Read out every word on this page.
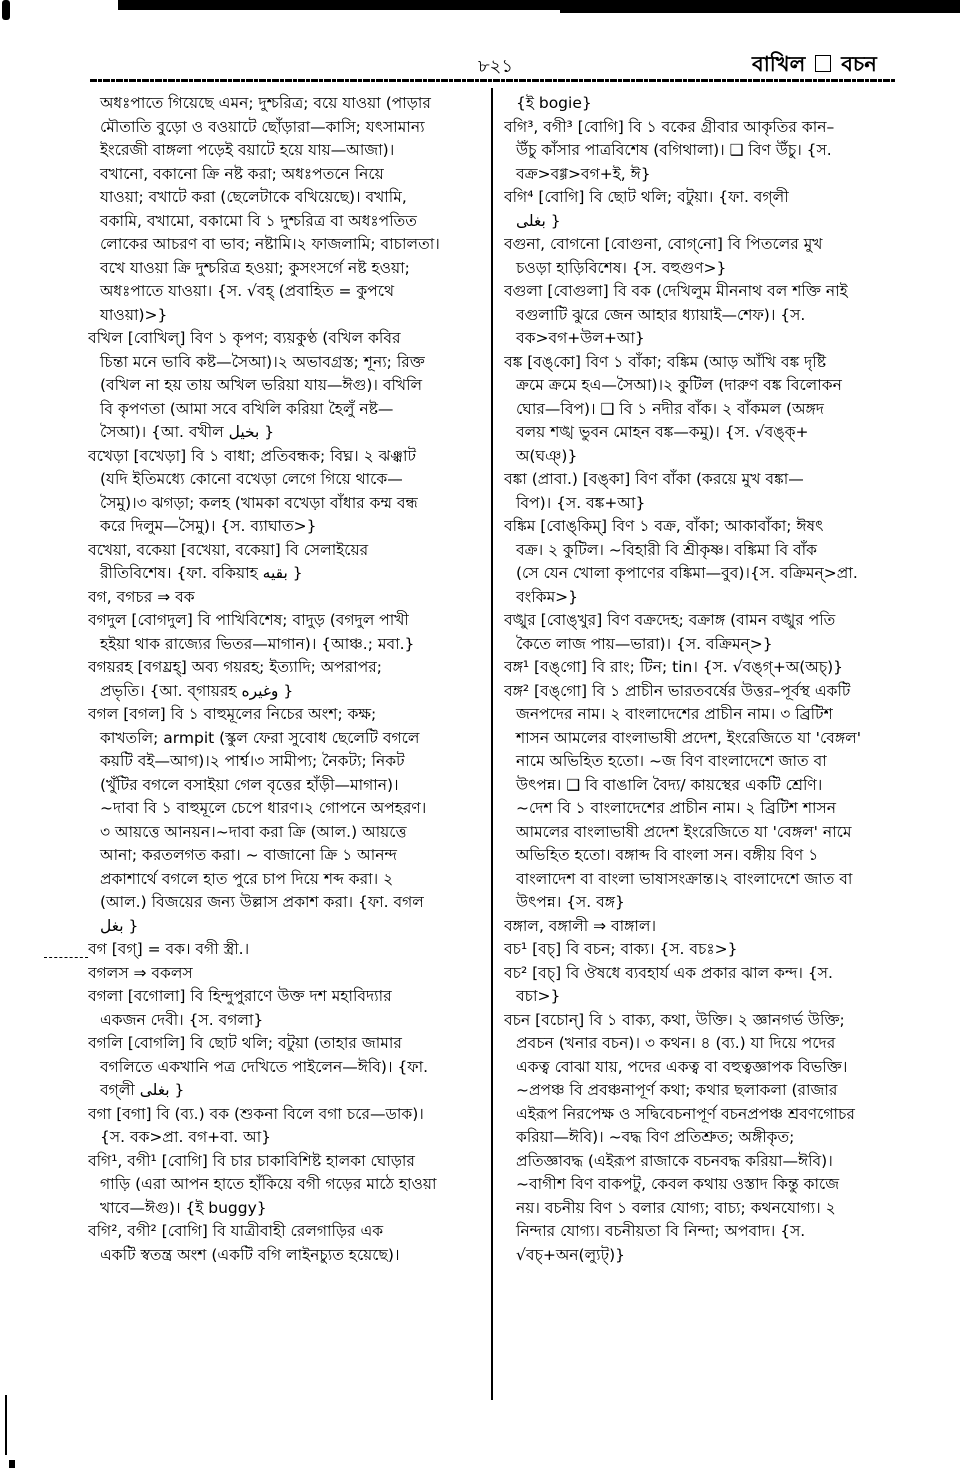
৮২১	বাখিল বচন
অধঃপাতে গিয়েছে এমন; দুশ্চরিত্র; বয়ে যাওয়া (পাড়ার
মৌতাতি বুড়ো ও বওয়াটে ছোঁড়ারা—কাসি; যৎসামান্য
ইংরেজী বাঙ্গলা পড়েই বয়াটে হয়ে যায়—আজা)।
বখানো, বকানো ক্রি নষ্ট করা; অধঃপতনে নিয়ে
যাওয়া; বখাটে করা (ছেলেটাকে বখিয়েছে)। বখামি,
বকামি, বখামো, বকামো বি ১ দুশ্চরিত্র বা অধঃপতিত
লোকের আচরণ বা ভাব; নষ্টামি।২ ফাজলামি; বাচালতা।
বখে যাওয়া ক্রি দুশ্চরিত্র হওয়া; কুসংসর্গে নষ্ট হওয়া;
অধঃপাতে যাওয়া। {স. √বহ্ (প্রবাহিত = কুপথে
যাওয়া)>}
বখিল [বোখিল্] বিণ ১ কৃপণ; ব্যয়কুণ্ঠ (বখিল কবির
চিন্তা মনে ভাবি কষ্ট—সৈআ)।২ অভাবগ্রস্ত; শূন্য; রিক্ত
(বখিল না হয় তায় অখিল ভরিয়া যায়—ঈগু)। বখিলি
বি কৃপণতা (আমা সবে বখিলি করিয়া হৈলুঁ নষ্ট—
সৈআ)। {আ. বখীল بخیل }
বখেড়া [বখেড়া] বি ১ বাধা; প্রতিবন্ধক; বিঘ্ন। ২ ঝঞ্ঝাট
(যদি ইতিমধ্যে কোনো বখেড়া লেগে গিয়ে থাকে—
সৈমু)।৩ ঝগড়া; কলহ (খামকা বখেড়া বাঁধার কম্ম বন্ধ
করে দিলুম—সৈমু)। {স. ব্যাঘাত>}
বখেয়া, বকেয়া [বখেয়া, বকেয়া] বি সেলাইয়ের
রীতিবিশেষ। {ফা. বকিয়াহ بقیه }
বগ, বগচর ⇒ বক
বগদুল [বোগদুল] বি পাখিবিশেষ; বাদুড় (বগদুল পাখী
হইয়া থাক রাজ্যের ভিতর—মাগান)। {আঞ্চ.; মবা.}
বগয়রহ [বগয়্রহ্] অব্য গয়রহ; ইত্যাদি; অপরাপর;
প্রভৃতি। {আ. ব্‌গায়রহ وغیره }
বগল [বগল] বি ১ বাহুমূলের নিচের অংশ; কক্ষ;
কাখতলি; armpit (স্কুল ফেরা সুবোধ ছেলেটি বগলে
কয়টি বই—আগ)।২ পার্শ্ব।৩ সামীপ্য; নৈকট্য; নিকট
(খুঁটির বগলে বসাইয়া গেল বৃত্তের হাঁড়ী—মাগান)।
~দাবা বি ১ বাহুমূলে চেপে ধারণ।২ গোপনে অপহরণ।
৩ আয়ত্তে আনয়ন।~দাবা করা ক্রি (আল.) আয়ত্তে
আনা; করতলগত করা। ~ বাজানো ক্রি ১ আনন্দ
প্রকাশার্থে বগলে হাত পুরে চাপ দিয়ে শব্দ করা। ২
(আল.) বিজয়ের জন্য উল্লাস প্রকাশ করা। {ফা. বগল
بغل }
বগ [বগ্] = বক। বগী স্ত্রী.।
বগলস ⇒ বকলস
বগলা [বগোলা] বি হিন্দুপুরাণে উক্ত দশ মহাবিদ্যার
একজন দেবী। {স. বগলা}
বগলি [বোগলি] বি ছোট থলি; বটুয়া (তাহার জামার
বগলিতে একখানি পত্র দেখিতে পাইলেন—ঈবি)। {ফা.
বগ্‌লী بغلی }
বগা [বগা] বি (ব্য.) বক (শুকনা বিলে বগা চরে—ডাক)।
{স. বক>প্রা. বগ+বা. আ}
বগি¹, বগী¹ [বোগি] বি চার চাকাবিশিষ্ট হালকা ঘোড়ার
গাড়ি (এরা আপন হাতে হাঁকিয়ে বগী গড়ের মাঠে হাওয়া
খাবে—ঈগু)। {ই buggy}
বগি², বগী² [বোগি] বি যাত্রীবাহী রেলগাড়ির এক
একটি স্বতন্ত্র অংশ (একটি বগি লাইনচ্যুত হয়েছে)।
{ই bogie}
বগি³, বগী³ [বোগি] বি ১ বকের গ্রীবার আকৃতির কান–
উঁচু কাঁসার পাত্রবিশেষ (বগিথালা)। ❑ বিণ উঁচু। {স.
বক্র>বগ্গ>বগ+ই, ঈ}
বগি⁴ [বোগি] বি ছোট থলি; বটুয়া। {ফা. বগ্‌লী
بغلی }
বগুনা, বোগনো [বোগুনা, বোগ্‌নো] বি পিতলের মুখ
চওড়া হাড়িবিশেষ। {স. বহুগুণ>}
বগুলা [বোগুলা] বি বক (দেখিলুম মীননাথ বল শক্তি নাই
বগুলাটি ঝুরে জেন আহার ধ্যায়াই—শেফ)। {স.
বক>বগ+উল+আ}
বঙ্ক [বঙ্‌কো] বিণ ১ বাঁকা; বঙ্কিম (আড় আঁখি বঙ্ক দৃষ্টি
ক্রমে ক্রমে হএ—সৈআ)।২ কুটিল (দারুণ বঙ্ক বিলোকন
ঘোর—বিপ)। ❑ বি ১ নদীর বাঁক। ২ বাঁকমল (অঙ্গদ
বলয় শঙ্খ ভুবন মোহন বঙ্ক—কমু)। {স. √বঙ্ক্+
অ(ঘঞ্)}
বঙ্কা (প্রাবা.) [বঙ্‌কা] বিণ বাঁকা (করয়ে মুখ বঙ্কা—
বিপ)। {স. বঙ্ক+আ}
বঙ্কিম [বোঙ্‌কিম্] বিণ ১ বক্র, বাঁকা; আকাবাঁকা; ঈষৎ
বক্র। ২ কুটিল। ~বিহারী বি শ্রীকৃষ্ণ। বঙ্কিমা বি বাঁক
(সে যেন খোলা কৃপাণের বঙ্কিমা—বুব)।{স. বক্রিমন্>প্রা.
বংকিম>}
বঙ্খুর [বোঙ্‌খুর] বিণ বক্রদেহ; বক্রাঙ্গ (বামন বঙ্খুর পতি
কৈতে লাজ পায়—ভারা)। {স. বক্রিমন্>}
বঙ্গ¹ [বঙ্‌গো] বি রাং; টিন; tin। {স. √বঙ্গ্+অ(অচ্)}
বঙ্গ² [বঙ্‌গো] বি ১ প্রাচীন ভারতবর্ষের উত্তর–পূর্বস্থ একটি
জনপদের নাম। ২ বাংলাদেশের প্রাচীন নাম। ৩ ব্রিটিশ
শাসন আমলের বাংলাভাষী প্রদেশ, ইংরেজিতে যা 'বেঙ্গল'
নামে অভিহিত হতো। ~জ বিণ বাংলাদেশে জাত বা
উৎপন্ন। ❑ বি বাঙালি বৈদ্য/ কায়স্থের একটি শ্রেণি।
~দেশ বি ১ বাংলাদেশের প্রাচীন নাম। ২ ব্রিটিশ শাসন
আমলের বাংলাভাষী প্রদেশ ইংরেজিতে যা 'বেঙ্গল' নামে
অভিহিত হতো। বঙ্গাব্দ বি বাংলা সন। বঙ্গীয় বিণ ১
বাংলাদেশ বা বাংলা ভাষাসংক্রান্ত।২ বাংলাদেশে জাত বা
উৎপন্ন। {স. বঙ্গ}
বঙ্গাল, বঙ্গালী ⇒ বাঙ্গাল।
বচ¹ [বচ্] বি বচন; বাক্য। {স. বচঃ>}
বচ² [বচ্] বি ঔষধে ব্যবহার্য এক প্রকার ঝাল কন্দ। {স.
বচা>}
বচন [বচোন্] বি ১ বাক্য, কথা, উক্তি। ২ জ্ঞানগর্ভ উক্তি;
প্রবচন (খনার বচন)। ৩ কথন। ৪ (ব্য.) যা দিয়ে পদের
একত্ব বোঝা যায়, পদের একত্ব বা বহুত্বজ্ঞাপক বিভক্তি।
~প্রপঞ্চ বি প্রবঞ্চনাপূর্ণ কথা; কথার ছলাকলা (রাজার
এইরূপ নিরপেক্ষ ও সদ্বিবেচনাপূর্ণ বচনপ্রপঞ্চ শ্রবণগোচর
করিয়া—ঈবি)। ~বদ্ধ বিণ প্রতিশ্রুত; অঙ্গীকৃত;
প্রতিজ্ঞাবদ্ধ (এইরূপ রাজাকে বচনবদ্ধ করিয়া—ঈবি)।
~বাগীশ বিণ বাকপটু, কেবল কথায় ওস্তাদ কিন্তু কাজে
নয়। বচনীয় বিণ ১ বলার যোগ্য; বাচ্য; কথনযোগ্য। ২
নিন্দার যোগ্য। বচনীয়তা বি নিন্দা; অপবাদ। {স.
√বচ্+অন(ল্যুট্)}
